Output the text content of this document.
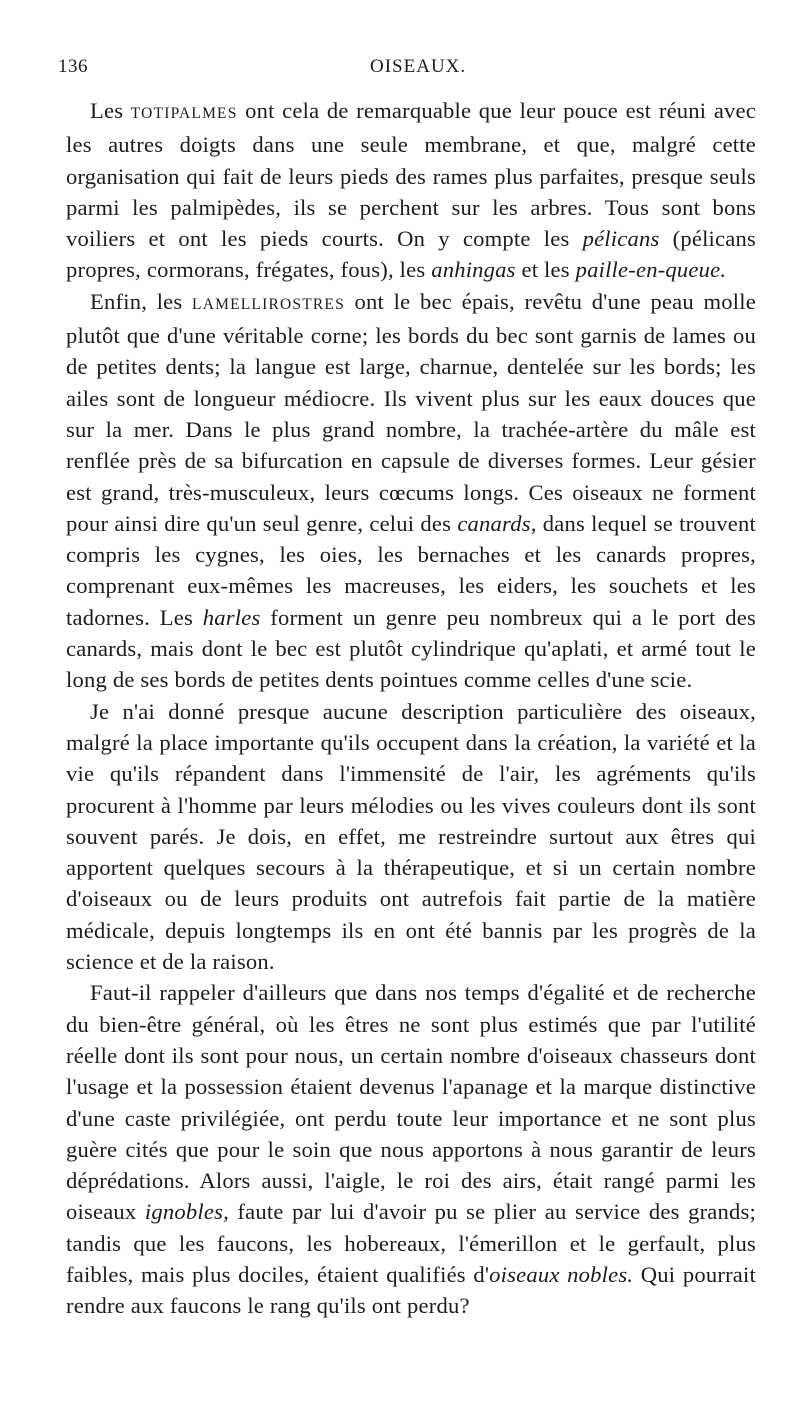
136	OISEAUX.

Les TOTIPALMES ont cela de remarquable que leur pouce est réuni avec les autres doigts dans une seule membrane, et que, malgré cette organisation qui fait de leurs pieds des rames plus parfaites, presque seuls parmi les palmipèdes, ils se perchent sur les arbres. Tous sont bons voiliers et ont les pieds courts. On y compte les pélicans (pélicans propres, cormorans, frégates, fous), les anhingas et les paille-en-queue.

Enfin, les LAMELLIROSTRES ont le bec épais, revêtu d'une peau molle plutôt que d'une véritable corne; les bords du bec sont garnis de lames ou de petites dents; la langue est large, charnue, dentelée sur les bords; les ailes sont de longueur médiocre. Ils vivent plus sur les eaux douces que sur la mer. Dans le plus grand nombre, la trachée-artère du mâle est renflée près de sa bifurcation en capsule de diverses formes. Leur gésier est grand, très-musculeux, leurs cœcums longs. Ces oiseaux ne forment pour ainsi dire qu'un seul genre, celui des canards, dans lequel se trouvent compris les cygnes, les oies, les bernaches et les canards propres, comprenant eux-mêmes les macreuses, les eiders, les souchets et les tadornes. Les harles forment un genre peu nombreux qui a le port des canards, mais dont le bec est plutôt cylindrique qu'aplati, et armé tout le long de ses bords de petites dents pointues comme celles d'une scie.

Je n'ai donné presque aucune description particulière des oiseaux, malgré la place importante qu'ils occupent dans la création, la variété et la vie qu'ils répandent dans l'immensité de l'air, les agréments qu'ils procurent à l'homme par leurs mélodies ou les vives couleurs dont ils sont souvent parés. Je dois, en effet, me restreindre surtout aux êtres qui apportent quelques secours à la thérapeutique, et si un certain nombre d'oiseaux ou de leurs produits ont autrefois fait partie de la matière médicale, depuis longtemps ils en ont été bannis par les progrès de la science et de la raison.

Faut-il rappeler d'ailleurs que dans nos temps d'égalité et de recherche du bien-être général, où les êtres ne sont plus estimés que par l'utilité réelle dont ils sont pour nous, un certain nombre d'oiseaux chasseurs dont l'usage et la possession étaient devenus l'apanage et la marque distinctive d'une caste privilégiée, ont perdu toute leur importance et ne sont plus guère cités que pour le soin que nous apportons à nous garantir de leurs déprédations. Alors aussi, l'aigle, le roi des airs, était rangé parmi les oiseaux ignobles, faute par lui d'avoir pu se plier au service des grands; tandis que les faucons, les hobereaux, l'émerillon et le gerfault, plus faibles, mais plus dociles, étaient qualifiés d'oiseaux nobles. Qui pourrait rendre aux faucons le rang qu'ils ont perdu?
